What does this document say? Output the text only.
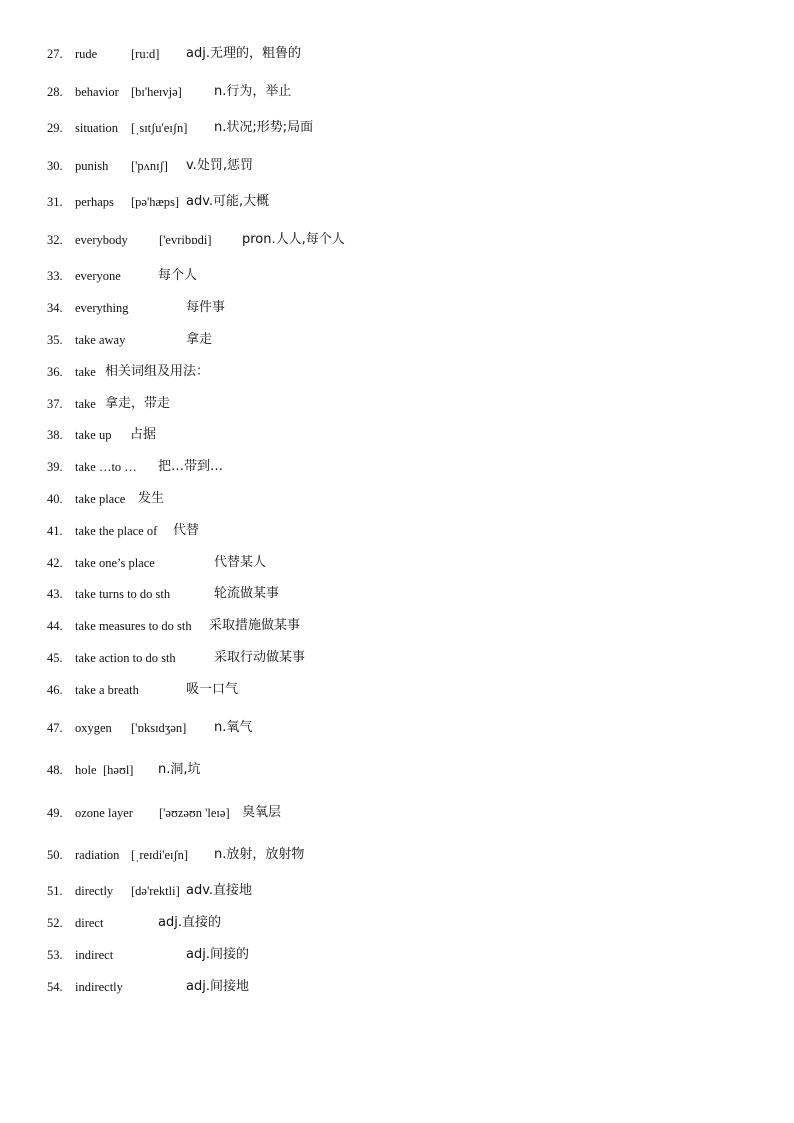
27. rude	[ru:d] adj.无理的，粗鲁的
28. behavior [bɪ'heɪvjə] n.行为，举止
29. situation [ˌsɪtʃu'eɪʃn] n.状况;形势;局面
30. punish ['pʌnɪʃ] v.处罚,惩罚
31. perhaps [pə'hæps] adv.可能,大概
32. everybody ['evribɒdi] pron.人人,每个人
33. everyone	每个人
34. everything	每件事
35. take away	拿走
36. take 相关词组及用法：
37. take 拿走，带走
38. take up 占据
39. take …to … 把…带到…
40. take place 发生
41. take the place of 代替
42. take one’s place	代替某人
43. take turns to do sth	轮流做某事
44. take measures to do sth 采取措施做某事
45. take action to do sth	采取行动做某事
46. take a breath	吸一口气
47. oxygen ['ɒksɪdʒən] n.氧气
48. hole [həʊl] n.洞,坑
49. ozone layer ['əʊzəʊn 'leɪə] 臭氧层
50. radiation [ˌreɪdi'eɪʃn] n.放射，放射物
51. directly [də'rektli] adv.直接地
52. direct	adj.直接的
53. indirect	adj.间接的
54. indirectly	adj.间接地
